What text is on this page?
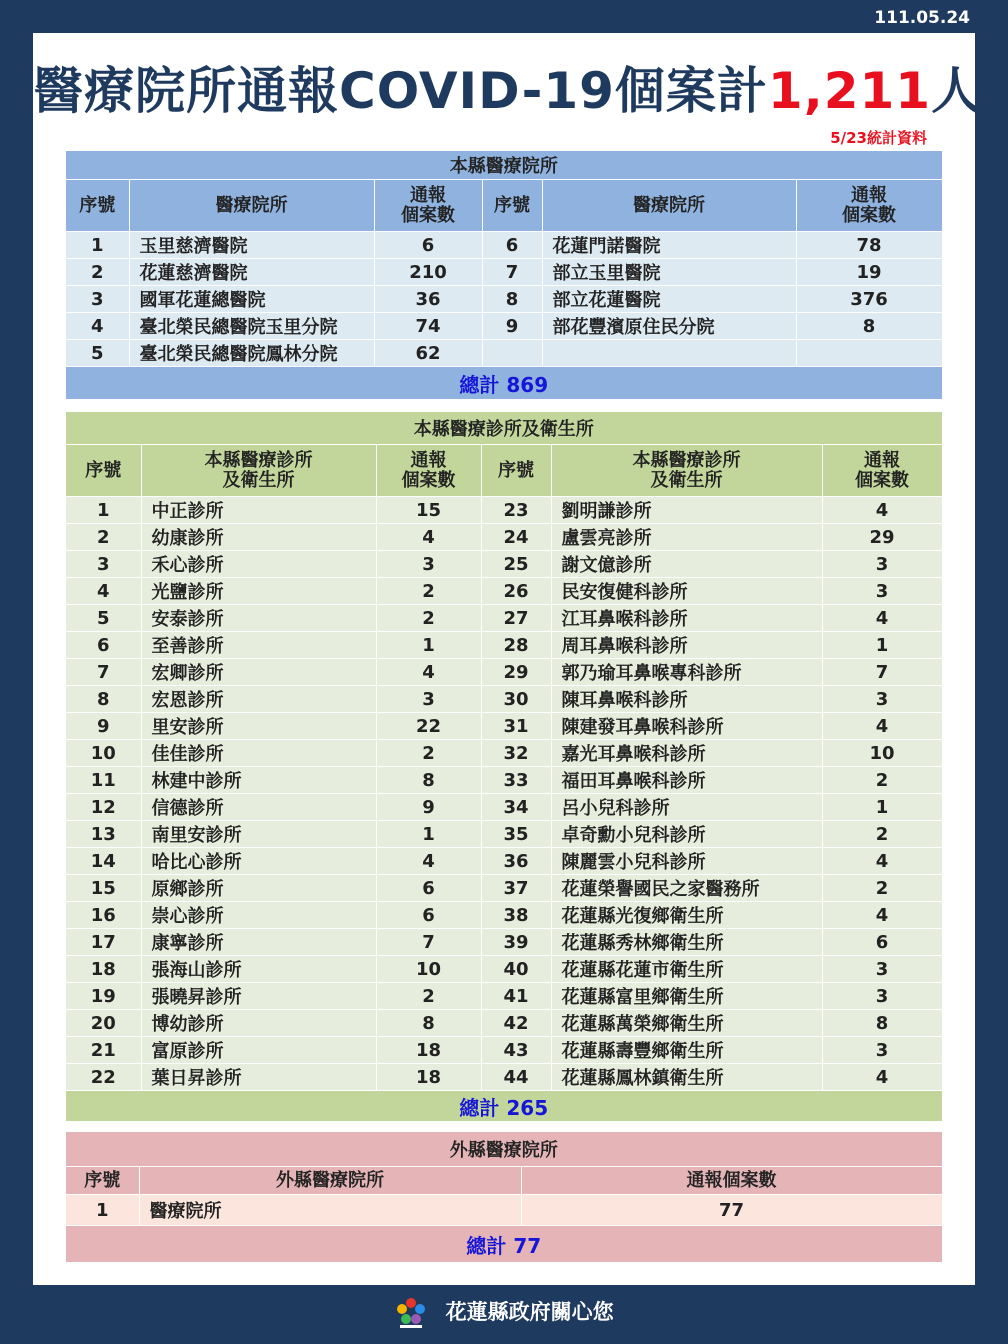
111.05.24
醫療院所通報COVID-19個案計1,211人
5/23統計資料
本縣醫療院所					
序號	醫療院所	通報
個案數	序號	醫療院所	通報
個案數
1	玉里慈濟醫院	6	6	花蓮門諾醫院	78
2	花蓮慈濟醫院	210	7	部立玉里醫院	19
3	國軍花蓮總醫院	36	8	部立花蓮醫院	376
4	臺北榮民總醫院玉里分院	74	9	部花豐濱原住民分院	8
5	臺北榮民總醫院鳳林分院	62			
總計 869					
本縣醫療診所及衛生所					
序號	本縣醫療診所
及衛生所	通報
個案數	序號	本縣醫療診所
及衛生所	通報
個案數
1	中正診所	15	23	劉明謙診所	4
2	幼康診所	4	24	盧雲亮診所	29
3	禾心診所	3	25	謝文億診所	3
4	光鹽診所	2	26	民安復健科診所	3
5	安泰診所	2	27	江耳鼻喉科診所	4
6	至善診所	1	28	周耳鼻喉科診所	1
7	宏卿診所	4	29	郭乃瑜耳鼻喉專科診所	7
8	宏恩診所	3	30	陳耳鼻喉科診所	3
9	里安診所	22	31	陳建發耳鼻喉科診所	4
10	佳佳診所	2	32	嘉光耳鼻喉科診所	10
11	林建中診所	8	33	福田耳鼻喉科診所	2
12	信德診所	9	34	呂小兒科診所	1
13	南里安診所	1	35	卓奇勳小兒科診所	2
14	哈比心診所	4	36	陳麗雲小兒科診所	4
15	原鄉診所	6	37	花蓮榮譽國民之家醫務所	2
16	崇心診所	6	38	花蓮縣光復鄉衛生所	4
17	康寧診所	7	39	花蓮縣秀林鄉衛生所	6
18	張海山診所	10	40	花蓮縣花蓮市衛生所	3
19	張曉昇診所	2	41	花蓮縣富里鄉衛生所	3
20	博幼診所	8	42	花蓮縣萬榮鄉衛生所	8
21	富原診所	18	43	花蓮縣壽豐鄉衛生所	3
22	葉日昇診所	18	44	花蓮縣鳳林鎮衛生所	4
總計 265					
外縣醫療院所		
序號	外縣醫療院所	通報個案數
1	醫療院所	77
總計 77		
花蓮縣政府關心您
